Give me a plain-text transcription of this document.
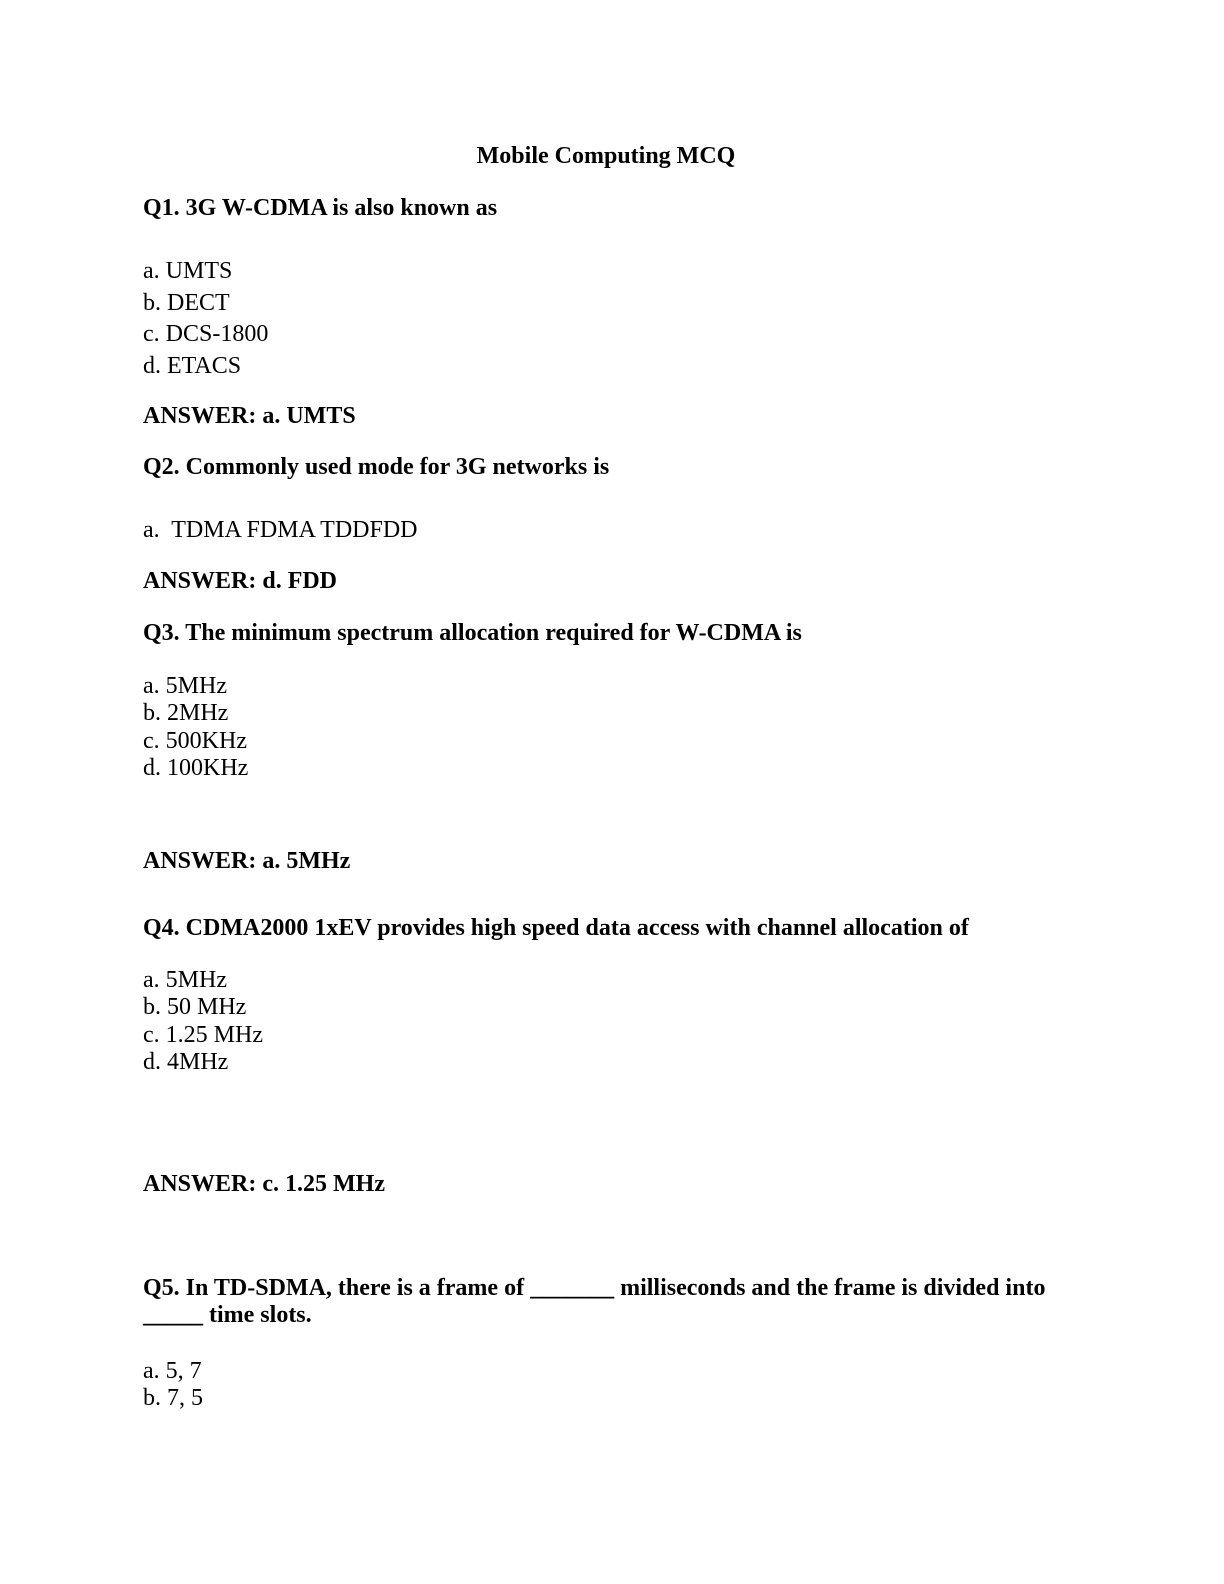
Mobile Computing MCQ
Q1. 3G W-CDMA is also known as
a. UMTS
b. DECT
c. DCS-1800
d. ETACS
ANSWER: a. UMTS
Q2. Commonly used mode for 3G networks is
a.  TDMA FDMA TDDFDD
ANSWER: d. FDD
Q3. The minimum spectrum allocation required for W-CDMA is
a. 5MHz
b. 2MHz
c. 500KHz
d. 100KHz
ANSWER: a. 5MHz
Q4. CDMA2000 1xEV provides high speed data access with channel allocation of
a. 5MHz
b. 50 MHz
c. 1.25 MHz
d. 4MHz
ANSWER: c. 1.25 MHz
Q5. In TD-SDMA, there is a frame of _______ milliseconds and the frame is divided into _____ time slots.
a. 5, 7
b. 7, 5
